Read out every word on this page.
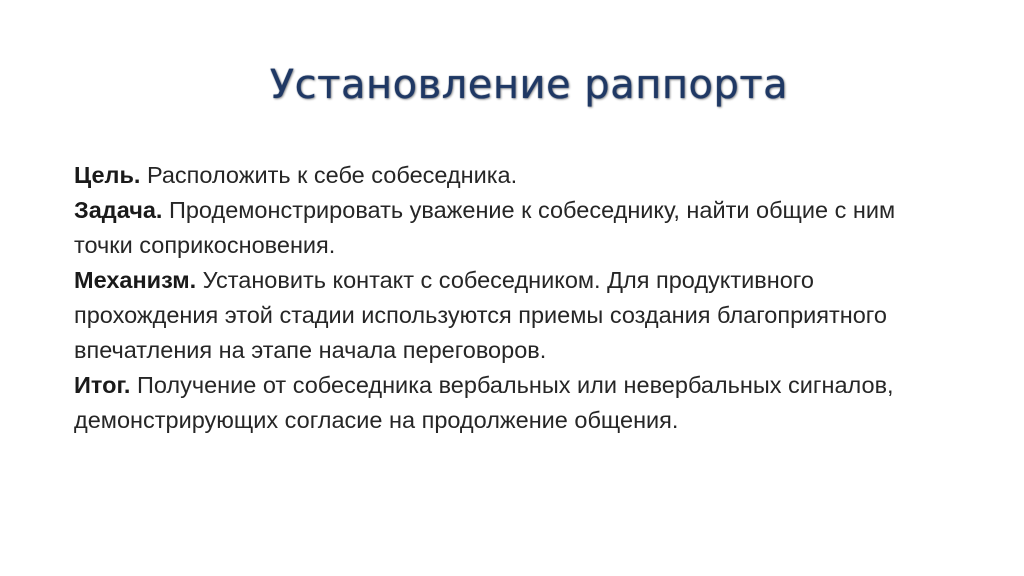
Установление раппорта

Цель. Расположить к себе собеседника.

Задача. Продемонстрировать уважение к собеседнику, найти общие с ним точки соприкосновения.

Механизм. Установить контакт с собеседником. Для продуктивного прохождения этой стадии используются приемы создания благоприятного впечатления на этапе начала переговоров.

Итог. Получение от собеседника вербальных или невербальных сигналов, демонстрирующих согласие на продолжение общения.
